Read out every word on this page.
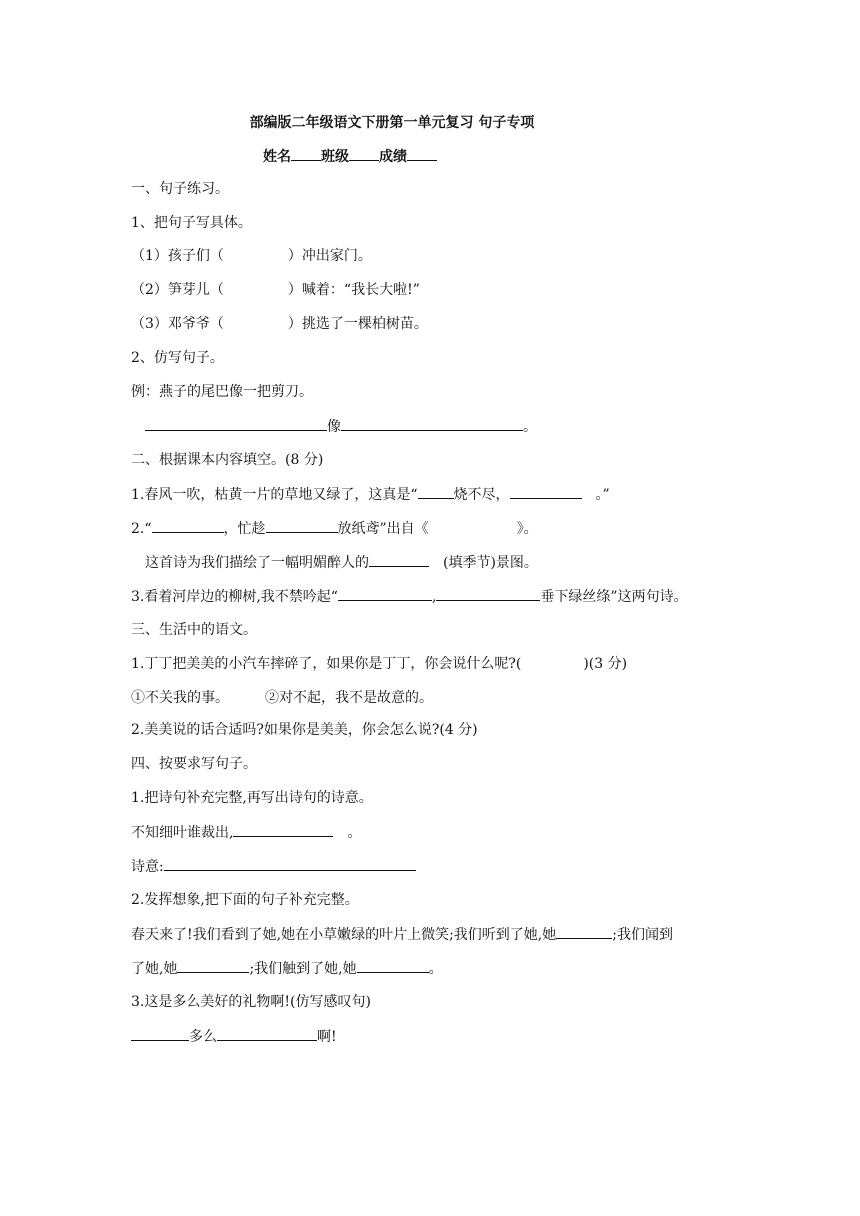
部编版二年级语文下册第一单元复习 句子专项
姓名 班级 成绩
一、句子练习。
1、把句子写具体。
（1）孩子们（	）冲出家门。
（2）笋芽儿（	）喊着：“我长大啦!”
（3）邓爷爷（	）挑选了一棵柏树苗。
2、仿写句子。
例：燕子的尾巴像一把剪刀。
像	。
二、根据课本内容填空。(8 分)
1.春风一吹，枯黄一片的草地又绿了，这真是“	烧不尽，	。”
2.“	，忙趁	放纸鸢”出自《	》。
这首诗为我们描绘了一幅明媚醉人的	(填季节)景图。
3.看着河岸边的柳树,我不禁吟起“	,	垂下绿丝绦”这两句诗。
三、生活中的语文。
1.丁丁把美美的小汽车摔碎了，如果你是丁丁，你会说什么呢?(	)(3 分)
①不关我的事。	②对不起，我不是故意的。
2.美美说的话合适吗?如果你是美美，你会怎么说?(4 分)
四、按要求写句子。
1.把诗句补充完整,再写出诗句的诗意。
不知细叶谁裁出,	。
诗意:
2.发挥想象,把下面的句子补充完整。
春天来了!我们看到了她,她在小草嫩绿的叶片上微笑;我们听到了她,她	;我们闻到
了她,她	;我们触到了她,她	。
3.这是多么美好的礼物啊!(仿写感叹句)
多么	啊!
